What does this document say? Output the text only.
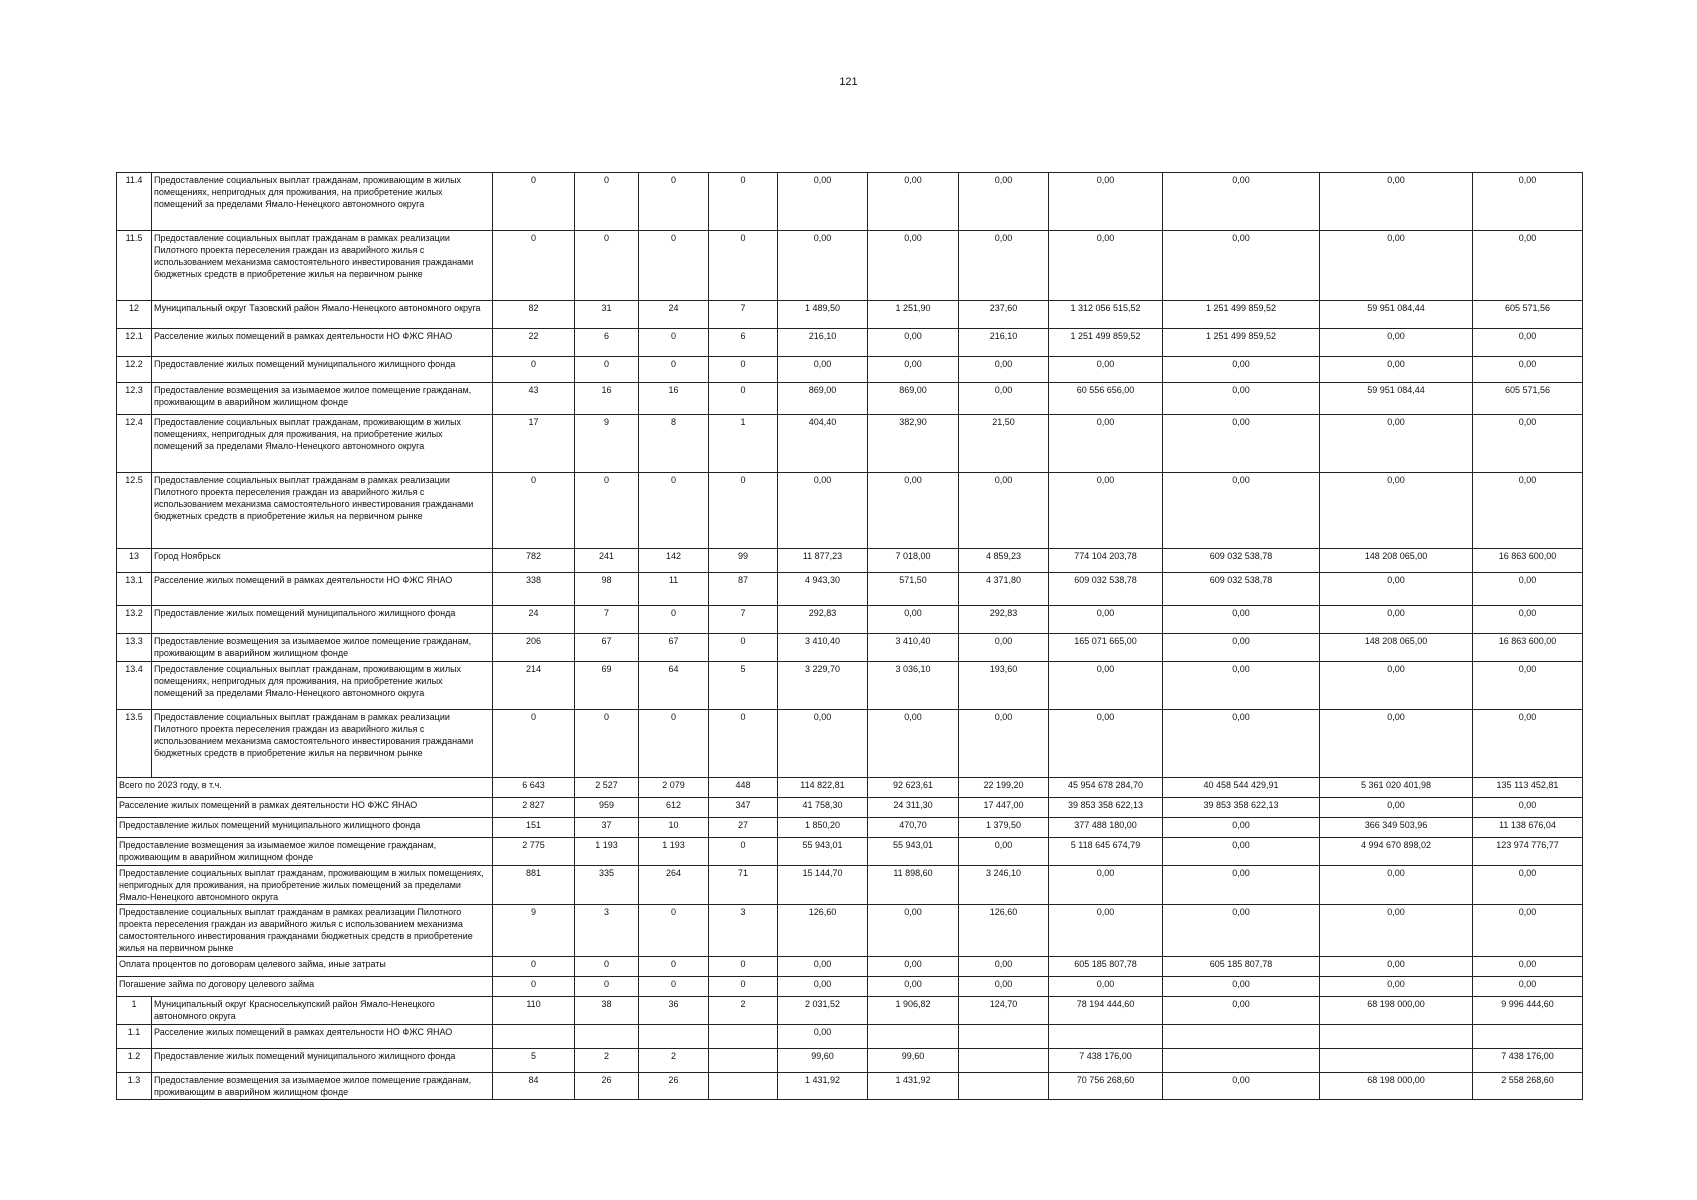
121
11.4	Предоставление социальных выплат гражданам, проживающим в жилых помещениях, непригодных для проживания, на приобретение жилых помещений за пределами Ямало-Ненецкого автономного округа	0	0	0	0	0,00	0,00	0,00	0,00	0,00	0,00	0,00
11.5	Предоставление социальных выплат гражданам в рамках реализации Пилотного проекта переселения граждан из аварийного жилья с использованием механизма самостоятельного инвестирования гражданами бюджетных средств в приобретение жилья на первичном рынке	0	0	0	0	0,00	0,00	0,00	0,00	0,00	0,00	0,00
12	Муниципальный округ Тазовский район Ямало-Ненецкого автономного округа	82	31	24	7	1 489,50	1 251,90	237,60	1 312 056 515,52	1 251 499 859,52	59 951 084,44	605 571,56
12.1	Расселение жилых помещений в рамках деятельности НО ФЖС ЯНАО	22	6	0	6	216,10	0,00	216,10	1 251 499 859,52	1 251 499 859,52	0,00	0,00
12.2	Предоставление жилых помещений муниципального жилищного фонда	0	0	0	0	0,00	0,00	0,00	0,00	0,00	0,00	0,00
12.3	Предоставление возмещения за изымаемое жилое помещение гражданам, проживающим в аварийном жилищном фонде	43	16	16	0	869,00	869,00	0,00	60 556 656,00	0,00	59 951 084,44	605 571,56
12.4	Предоставление социальных выплат гражданам, проживающим в жилых помещениях, непригодных для проживания, на приобретение жилых помещений за пределами Ямало-Ненецкого автономного округа	17	9	8	1	404,40	382,90	21,50	0,00	0,00	0,00	0,00
12.5	Предоставление социальных выплат гражданам в рамках реализации Пилотного проекта переселения граждан из аварийного жилья с использованием механизма самостоятельного инвестирования гражданами бюджетных средств в приобретение жилья на первичном рынке	0	0	0	0	0,00	0,00	0,00	0,00	0,00	0,00	0,00
13	Город Ноябрьск	782	241	142	99	11 877,23	7 018,00	4 859,23	774 104 203,78	609 032 538,78	148 208 065,00	16 863 600,00
13.1	Расселение жилых помещений в рамках деятельности НО ФЖС ЯНАО	338	98	11	87	4 943,30	571,50	4 371,80	609 032 538,78	609 032 538,78	0,00	0,00
13.2	Предоставление жилых помещений муниципального жилищного фонда	24	7	0	7	292,83	0,00	292,83	0,00	0,00	0,00	0,00
13.3	Предоставление возмещения за изымаемое жилое помещение гражданам, проживающим в аварийном жилищном фонде	206	67	67	0	3 410,40	3 410,40	0,00	165 071 665,00	0,00	148 208 065,00	16 863 600,00
13.4	Предоставление социальных выплат гражданам, проживающим в жилых помещениях, непригодных для проживания, на приобретение жилых помещений за пределами Ямало-Ненецкого автономного округа	214	69	64	5	3 229,70	3 036,10	193,60	0,00	0,00	0,00	0,00
13.5	Предоставление социальных выплат гражданам в рамках реализации Пилотного проекта переселения граждан из аварийного жилья с использованием механизма самостоятельного инвестирования гражданами бюджетных средств в приобретение жилья на первичном рынке	0	0	0	0	0,00	0,00	0,00	0,00	0,00	0,00	0,00
Всего по 2023 году, в т.ч.		6 643	2 527	2 079	448	114 822,81	92 623,61	22 199,20	45 954 678 284,70	40 458 544 429,91	5 361 020 401,98	135 113 452,81
Расселение жилых помещений в рамках деятельности НО ФЖС ЯНАО		2 827	959	612	347	41 758,30	24 311,30	17 447,00	39 853 358 622,13	39 853 358 622,13	0,00	0,00
Предоставление жилых помещений муниципального жилищного фонда		151	37	10	27	1 850,20	470,70	1 379,50	377 488 180,00	0,00	366 349 503,96	11 138 676,04
Предоставление возмещения за изымаемое жилое помещение гражданам, проживающим в аварийном жилищном фонде		2 775	1 193	1 193	0	55 943,01	55 943,01	0,00	5 118 645 674,79	0,00	4 994 670 898,02	123 974 776,77
Предоставление социальных выплат гражданам, проживающим в жилых помещениях, непригодных для проживания, на приобретение жилых помещений за пределами Ямало-Ненецкого автономного округа		881	335	264	71	15 144,70	11 898,60	3 246,10	0,00	0,00	0,00	0,00
Предоставление социальных выплат гражданам в рамках реализации Пилотного проекта переселения граждан из аварийного жилья с использованием механизма самостоятельного инвестирования гражданами бюджетных средств в приобретение жилья на первичном рынке		9	3	0	3	126,60	0,00	126,60	0,00	0,00	0,00	0,00
Оплата процентов по договорам целевого займа, иные затраты		0	0	0	0	0,00	0,00	0,00	605 185 807,78	605 185 807,78	0,00	0,00
Погашение займа по договору целевого займа		0	0	0	0	0,00	0,00	0,00	0,00	0,00	0,00	0,00
1	Муниципальный округ Красноселькупский район Ямало-Ненецкого автономного округа	110	38	36	2	2 031,52	1 906,82	124,70	78 194 444,60	0,00	68 198 000,00	9 996 444,60
1.1	Расселение жилых помещений в рамках деятельности НО ФЖС ЯНАО					0,00						
1.2	Предоставление жилых помещений муниципального жилищного фонда	5	2	2		99,60	99,60		7 438 176,00			7 438 176,00
1.3	Предоставление возмещения за изымаемое жилое помещение гражданам, проживающим в аварийном жилищном фонде	84	26	26		1 431,92	1 431,92		70 756 268,60	0,00	68 198 000,00	2 558 268,60
